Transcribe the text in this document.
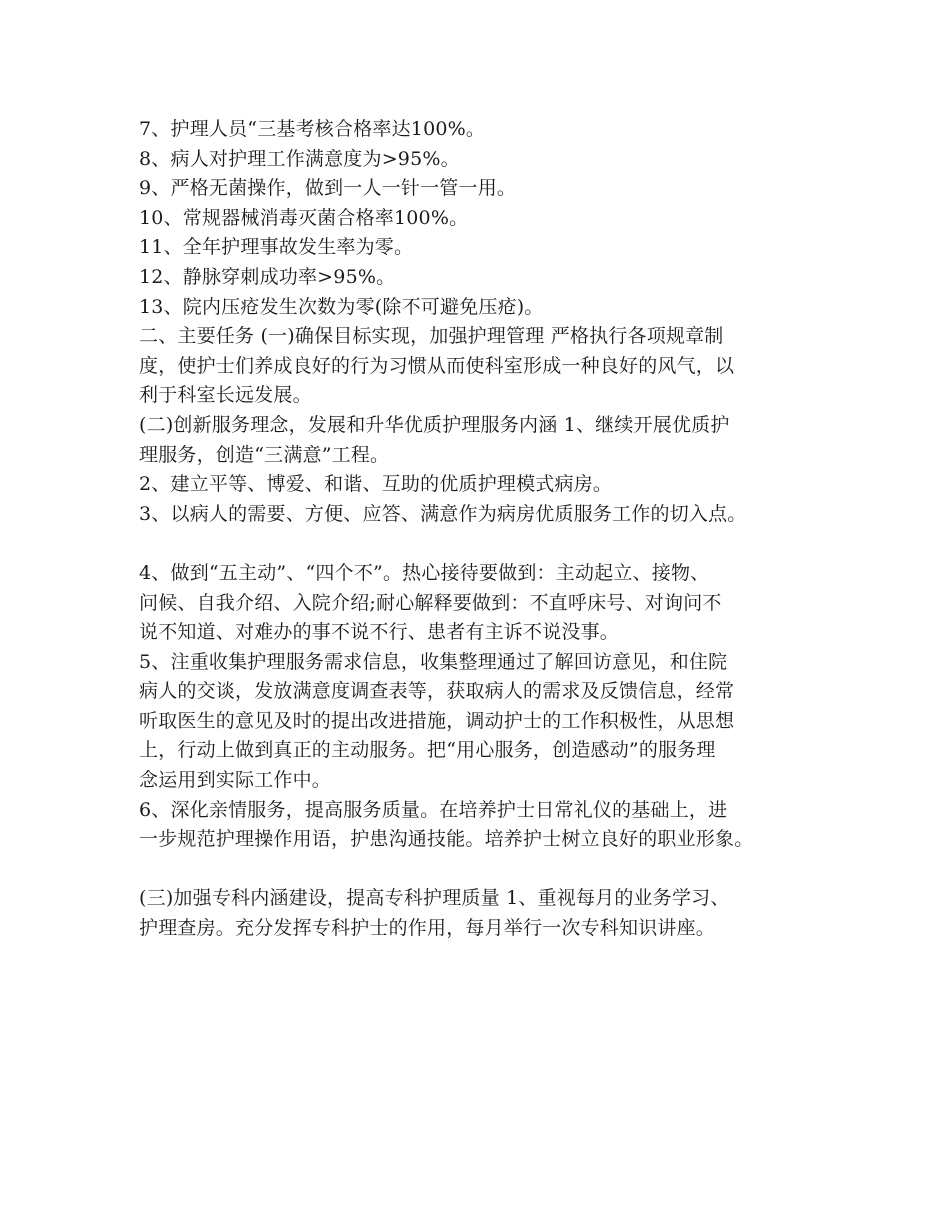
7、护理人员“三基考核合格率达100%。
8、病人对护理工作满意度为>95%。
9、严格无菌操作，做到一人一针一管一用。
10、常规器械消毒灭菌合格率100%。
11、全年护理事故发生率为零。
12、静脉穿刺成功率>95%。
13、院内压疮发生次数为零(除不可避免压疮)。
二、主要任务 (一)确保目标实现，加强护理管理 严格执行各项规章制
度，使护士们养成良好的行为习惯从而使科室形成一种良好的风气，以
利于科室长远发展。
(二)创新服务理念，发展和升华优质护理服务内涵 1、继续开展优质护
理服务，创造“三满意”工程。
2、建立平等、博爱、和谐、互助的优质护理模式病房。
3、以病人的需要、方便、应答、满意作为病房优质服务工作的切入点。
4、做到“五主动”、“四个不”。热心接待要做到：主动起立、接物、
问候、自我介绍、入院介绍;耐心解释要做到：不直呼床号、对询问不
说不知道、对难办的事不说不行、患者有主诉不说没事。
5、注重收集护理服务需求信息，收集整理通过了解回访意见，和住院
病人的交谈，发放满意度调查表等，获取病人的需求及反馈信息，经常
听取医生的意见及时的提出改进措施，调动护士的工作积极性，从思想
上，行动上做到真正的主动服务。把“用心服务，创造感动”的服务理
念运用到实际工作中。
6、深化亲情服务，提高服务质量。在培养护士日常礼仪的基础上，进
一步规范护理操作用语，护患沟通技能。培养护士树立良好的职业形象。
(三)加强专科内涵建设，提高专科护理质量 1、重视每月的业务学习、
护理查房。充分发挥专科护士的作用，每月举行一次专科知识讲座。
